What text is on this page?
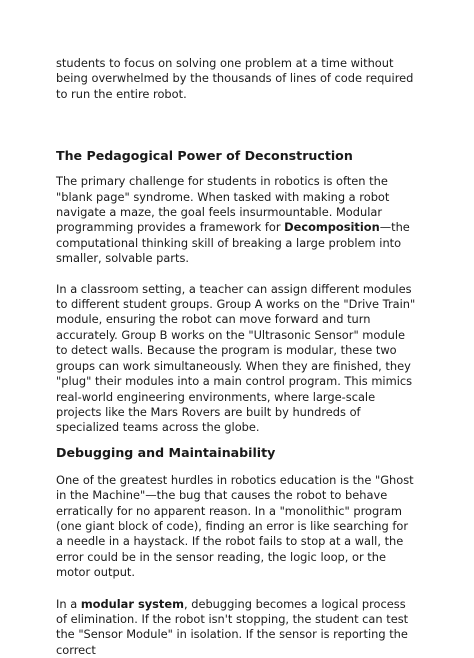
students to focus on solving one problem at a time without being overwhelmed by the thousands of lines of code required to run the entire robot.

The Pedagogical Power of Deconstruction

The primary challenge for students in robotics is often the "blank page" syndrome. When tasked with making a robot navigate a maze, the goal feels insurmountable. Modular programming provides a framework for Decomposition—the computational thinking skill of breaking a large problem into smaller, solvable parts.

In a classroom setting, a teacher can assign different modules to different student groups. Group A works on the "Drive Train" module, ensuring the robot can move forward and turn accurately. Group B works on the "Ultrasonic Sensor" module to detect walls. Because the program is modular, these two groups can work simultaneously. When they are finished, they "plug" their modules into a main control program. This mimics real-world engineering environments, where large-scale projects like the Mars Rovers are built by hundreds of specialized teams across the globe.

Debugging and Maintainability

One of the greatest hurdles in robotics education is the "Ghost in the Machine"—the bug that causes the robot to behave erratically for no apparent reason. In a "monolithic" program (one giant block of code), finding an error is like searching for a needle in a haystack. If the robot fails to stop at a wall, the error could be in the sensor reading, the logic loop, or the motor output.

In a modular system, debugging becomes a logical process of elimination. If the robot isn't stopping, the student can test the "Sensor Module" in isolation. If the sensor is reporting the correct
